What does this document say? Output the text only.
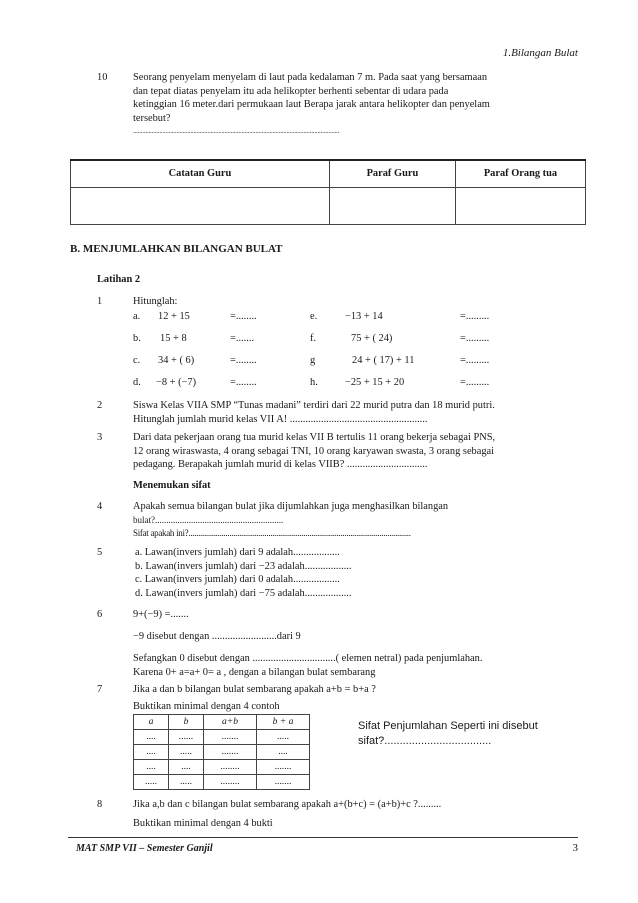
1.Bilangan Bulat
10 Seorang penyelam menyelam di laut pada kedalaman 7 m. Pada saat yang bersamaan
dan tepat diatas penyelam itu ada helikopter berhenti sebentar di udara pada
ketinggian 16 meter.dari permukaan laut Berapa jarak antara helikopter dan penyelam
tersebut?
.....................................................................................................................................
Catatan Guru	Paraf Guru	Paraf Orang tua

B. MENJUMLAHKAN BILANGAN BULAT
Latihan 2
1	Hitunglah:
a. 12 + 15	=........	e.	−13 + 14	=.........
b. 15 + 8	=.......	f.	75 + ( 24)	=.........
c. 34 + ( 6)	=........	g	24 + ( 17) + 11	=.........
d. −8 + (−7)	=........	h.	−25 + 15 + 20	=.........
2	Siswa Kelas VIIA SMP “Tunas madani” terdiri dari 22 murid putra dan 18 murid putri.
Hitunglah jumlah murid kelas VII A! .....................................................
3	Dari data pekerjaan orang tua murid kelas VII B tertulis 11 orang bekerja sebagai PNS,
12 orang wiraswasta, 4 orang sebagai TNI, 10 orang karyawan swasta, 3 orang sebagai
pedagang. Berapakah jumlah murid di kelas VIIB? ...............................
Menemukan sifat
4	Apakah semua bilangan bulat jika dijumlahkan juga menghasilkan bilangan
bulat?.........................................................
Sifat apakah ini?..................................................................................................................
5	a. Lawan(invers jumlah) dari 9 adalah..................
b. Lawan(invers jumlah) dari −23 adalah..................
c. Lawan(invers jumlah) dari 0 adalah..................
d. Lawan(invers jumlah) dari −75 adalah..................
6	9+(−9) =.......
−9 disebut dengan .........................dari 9
Sefangkan 0 disebut dengan ................................( elemen netral) pada penjumlahan.
Karena 0+ a=a+ 0= a , dengan a bilangan bulat sembarang
7	Jika a dan b bilangan bulat sembarang apakah a+b = b+a ?
Buktikan minimal dengan 4 contoh
a	b	a+b	b + a
....	......	.......	.....
....	.....	.......	....
....	....	........	.......
.....	.....	........	.......
Sifat Penjumlahan Seperti ini disebut
sifat?...................................
8	Jika a,b dan c bilangan bulat sembarang apakah a+(b+c) = (a+b)+c ?.........
Buktikan minimal dengan 4 bukti
MAT SMP VII – Semester Ganjil	3
